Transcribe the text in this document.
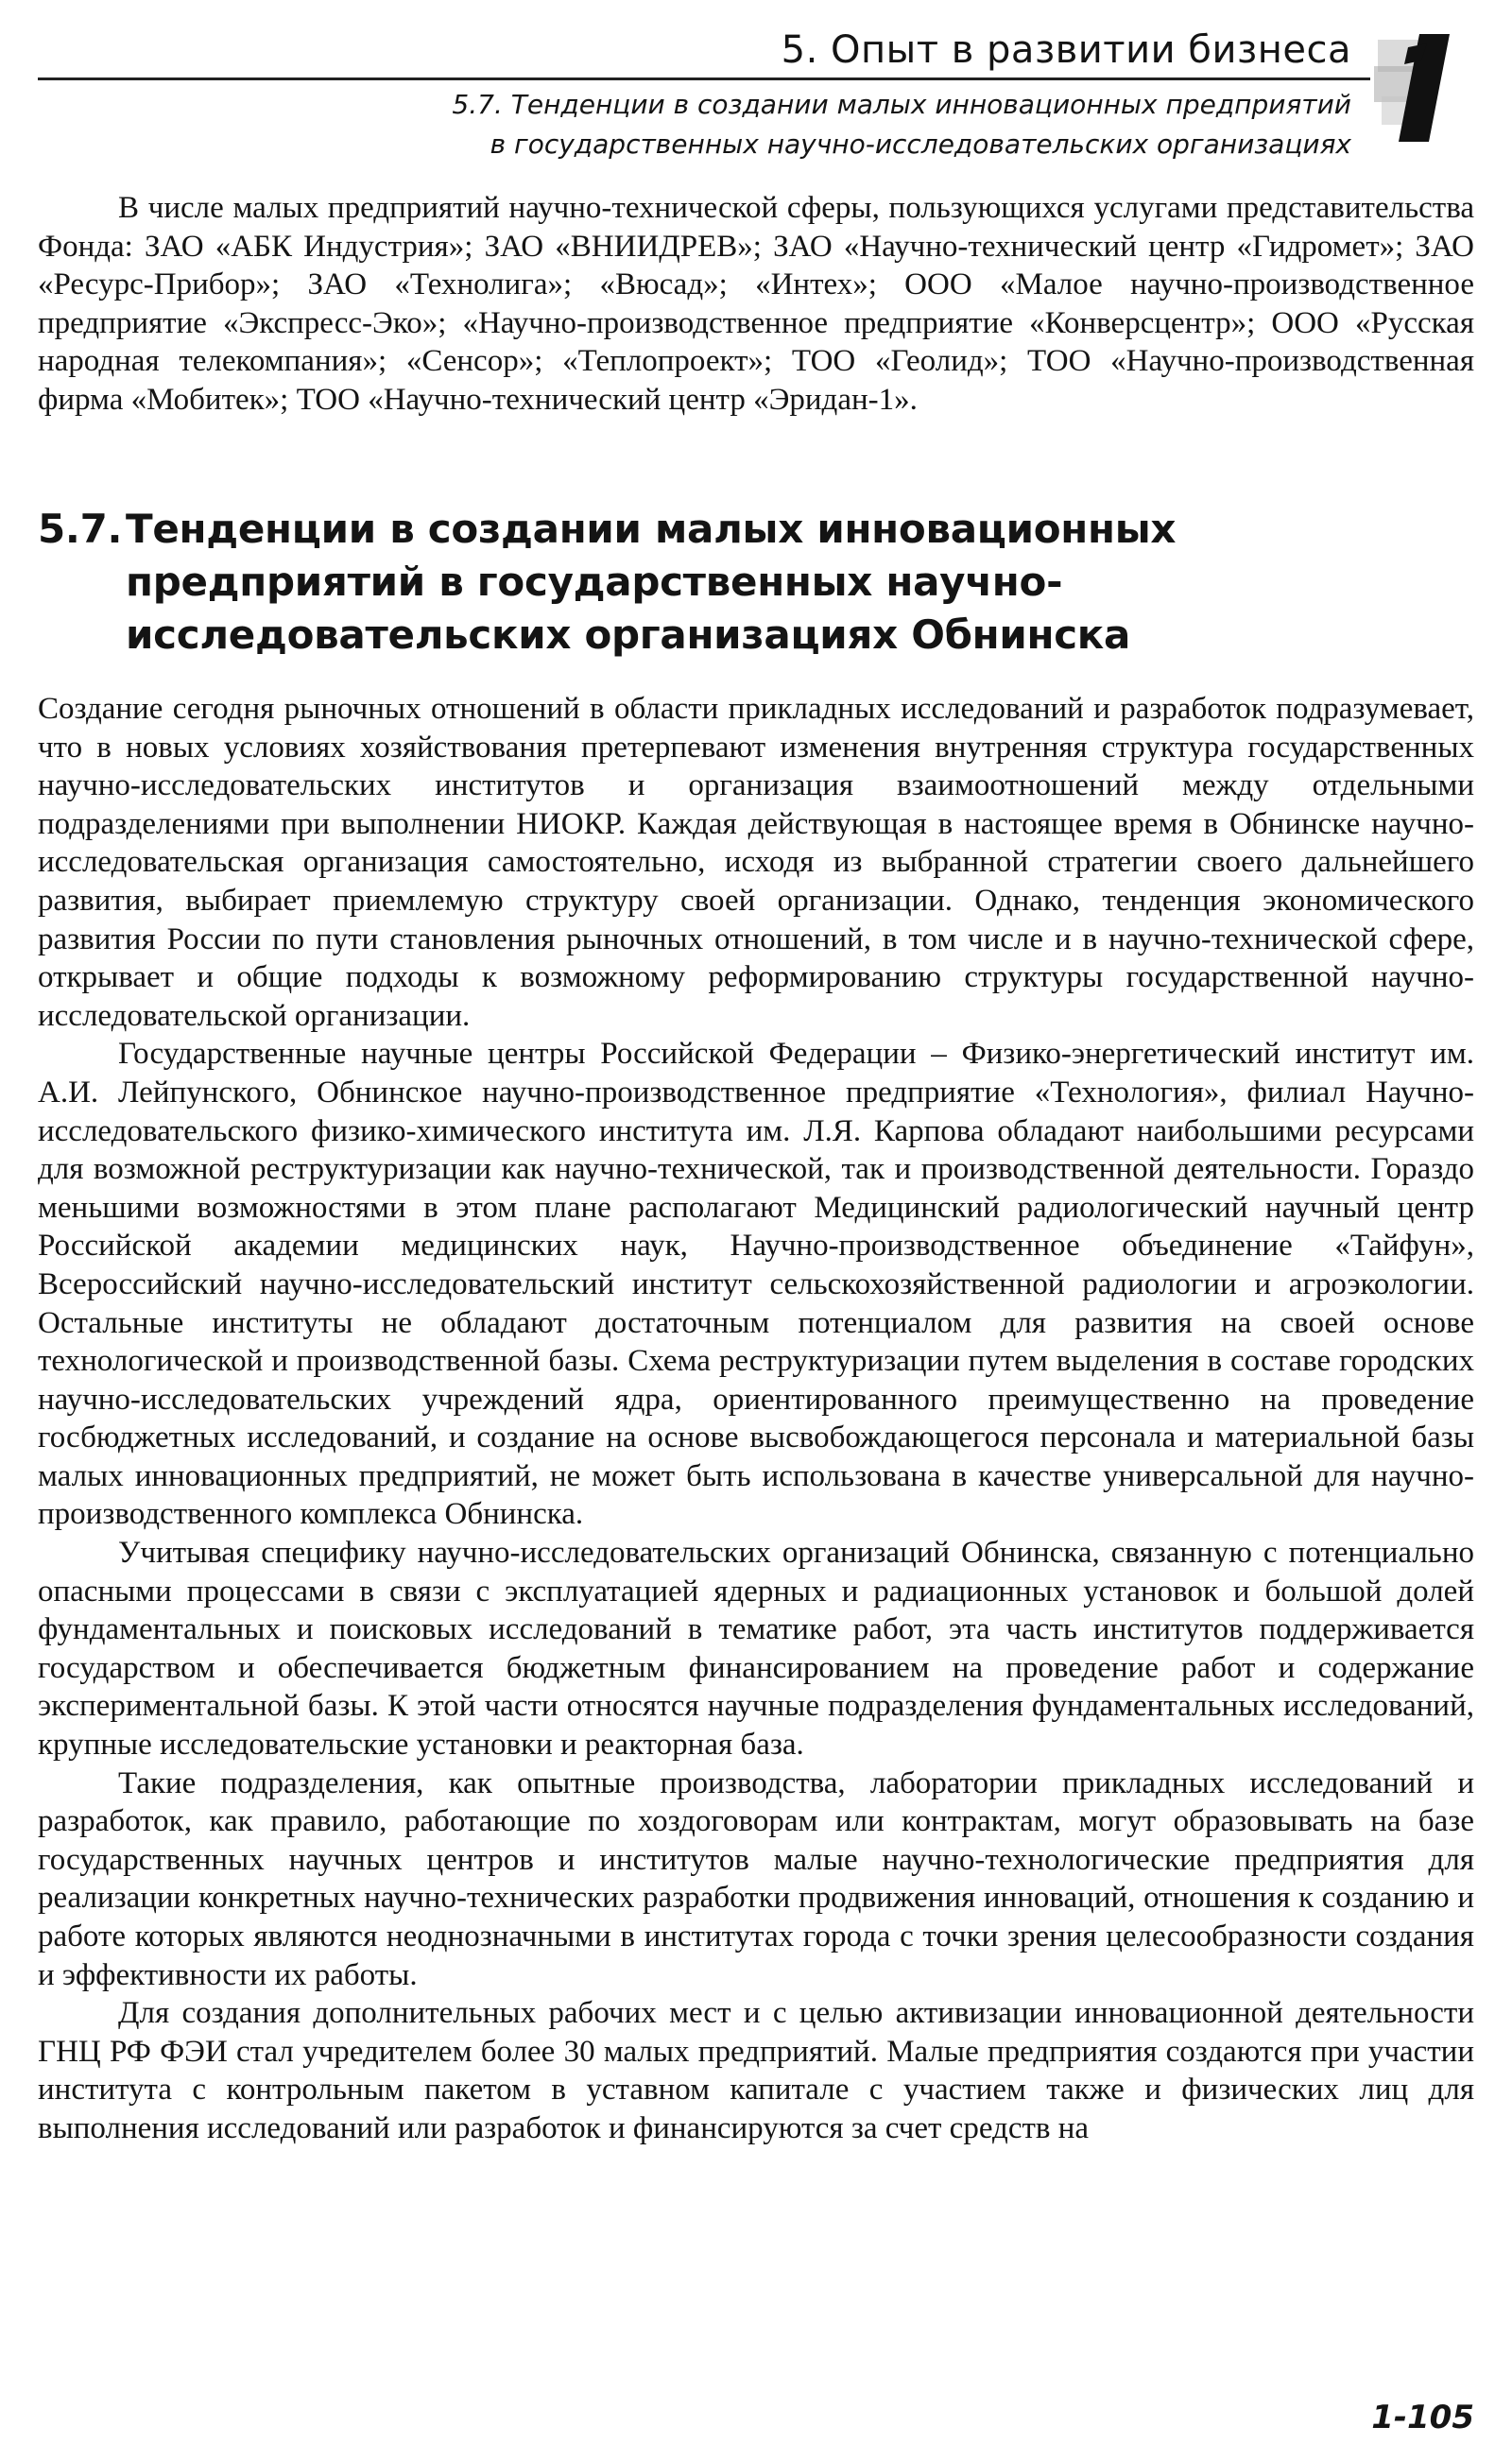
5. Опыт в развитии бизнеса
5.7. Тенденции в создании малых инновационных предприятий
в государственных научно-исследовательских организациях

В числе малых предприятий научно-технической сферы, пользующихся услугами представительства Фонда: ЗАО «АБК Индустрия»; ЗАО «ВНИИДРЕВ»; ЗАО «Научно-технический центр «Гидромет»; ЗАО «Ресурс-Прибор»; ЗАО «Технолига»; «Вюсад»; «Интех»; ООО «Малое научно-производственное предприятие «Экспресс-Эко»; «Научно-производственное предприятие «Конверсцентр»; ООО «Русская народная телекомпания»; «Сенсор»; «Теплопроект»; ТОО «Геолид»; ТОО «Научно-производственная фирма «Мобитек»; ТОО «Научно-технический центр «Эридан-1».

5.7. Тенденции в создании малых инновационных предприятий в государственных научно-исследовательских организациях Обнинска

Создание сегодня рыночных отношений в области прикладных исследований и разработок подразумевает, что в новых условиях хозяйствования претерпевают изменения внутренняя структура государственных научно-исследовательских институтов и организация взаимоотношений между отдельными подразделениями при выполнении НИОКР. Каждая действующая в настоящее время в Обнинске научно-исследовательская организация самостоятельно, исходя из выбранной стратегии своего дальнейшего развития, выбирает приемлемую структуру своей организации. Однако, тенденция экономического развития России по пути становления рыночных отношений, в том числе и в научно-технической сфере, открывает и общие подходы к возможному реформированию структуры государственной научно-исследовательской организации.

Государственные научные центры Российской Федерации – Физико-энергетический институт им. А.И. Лейпунского, Обнинское научно-производственное предприятие «Технология», филиал Научно-исследовательского физико-химического института им. Л.Я. Карпова обладают наибольшими ресурсами для возможной реструктуризации как научно-технической, так и производственной деятельности. Гораздо меньшими возможностями в этом плане располагают Медицинский радиологический научный центр Российской академии медицинских наук, Научно-производственное объединение «Тайфун», Всероссийский научно-исследовательский институт сельскохозяйственной радиологии и агроэкологии. Остальные институты не обладают достаточным потенциалом для развития на своей основе технологической и производственной базы. Схема реструктуризации путем выделения в составе городских научно-исследовательских учреждений ядра, ориентированного преимущественно на проведение госбюджетных исследований, и создание на основе высвобождающегося персонала и материальной базы малых инновационных предприятий, не может быть использована в качестве универсальной для научно-производственного комплекса Обнинска.

Учитывая специфику научно-исследовательских организаций Обнинска, связанную с потенциально опасными процессами в связи с эксплуатацией ядерных и радиационных установок и большой долей фундаментальных и поисковых исследований в тематике работ, эта часть институтов поддерживается государством и обеспечивается бюджетным финансированием на проведение работ и содержание экспериментальной базы. К этой части относятся научные подразделения фундаментальных исследований, крупные исследовательские установки и реакторная база.

Такие подразделения, как опытные производства, лаборатории прикладных исследований и разработок, как правило, работающие по хоздоговорам или контрактам, могут образовывать на базе государственных научных центров и институтов малые научно-технологические предприятия для реализации конкретных научно-технических разработки продвижения инноваций, отношения к созданию и работе которых являются неоднозначными в институтах города с точки зрения целесообразности создания и эффективности их работы.

Для создания дополнительных рабочих мест и с целью активизации инновационной деятельности ГНЦ РФ ФЭИ стал учредителем более 30 малых предприятий. Малые предприятия создаются при участии института с контрольным пакетом в уставном капитале с участием также и физических лиц для выполнения исследований или разработок и финансируются за счет средств на

1-105
